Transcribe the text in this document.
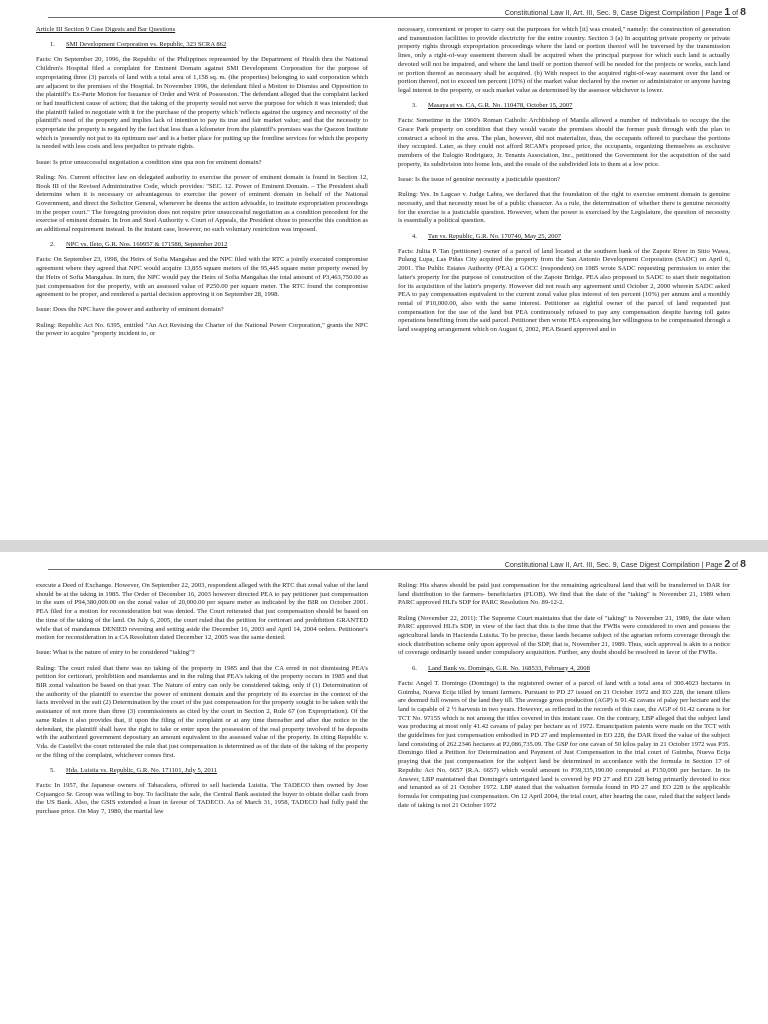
Constitutional Law II, Art. III, Sec. 9, Case Digest Compilation | Page 1 of 8

Article III Section 9 Case Digests and Bar Questions

1. SMI Development Corporation vs. Republic, 323 SCRA 862

Facts: On September 20, 1996, the Republic of the Philippines represented by the Department of Health thru the National Children's Hospital filed a complaint for Eminent Domain against SMI Development Corporation for the purpose of expropriating three (3) parcels of land with a total area of 1,158 sq. m. (the properties) belonging to said corporation which are adjacent to the premises of the Hospital. In November 1996, the defendant filed a Motion to Dismiss and Opposition to the plaintiff's Ex-Parte Motion for Issuance of Order and Writ of Possession. The defendant alleged that the complaint lacked or had insufficient cause of action; that the taking of the property would not serve the purpose for which it was intended; that the plaintiff failed to negotiate with it for the purchase of the property which 'reflects against the urgency and necessity' of the plaintiff's need of the property and implies lack of intention to pay its true and fair market value; and that the necessity to expropriate the property is negated by the fact that less than a kilometer from the plaintiff's premises was the Quezon Institute which is 'presently not put to its optimum use' and is a better place for putting up the frontline services for which the property is needed with less costs and less prejudice to private rights.

Issue: Is prior unsuccessful negotiation a condition sine qua non for eminent domain?

Ruling: No. Current effective law on delegated authority to exercise the power of eminent domain is found in Section 12, Book III of the Revised Administrative Code, which provides: "SEC. 12. Power of Eminent Domain. – The President shall determine when it is necessary or advantageous to exercise the power of eminent domain in behalf of the National Government, and direct the Solicitor General, whenever he deems the action advisable, to institute expropriation proceedings in the proper court." The foregoing provision does not require prior unsuccessful negotiation as a condition precedent for the exercise of eminent domain. In Iron and Steel Authority v. Court of Appeals, the President chose to prescribe this condition as an additional requirement instead. In the instant case, however, no such voluntary restriction was imposed.

2. NPC vs. Ileto, G.R. Nos. 169957 & 171588, September 2012

Facts: On September 23, 1998, the Heirs of Sofia Mangahas and the NPC filed with the RTC a jointly executed compromise agreement where they agreed that NPC would acquire 13,855 square meters of the 95,445 square meter property owned by the Heirs of Sofia Mangahas. In turn, the NPC would pay the Heirs of Sofia Mangahas the total amount of P3,463,750.00 as just compensation for the property, with an assessed value of P250.00 per square meter. The RTC found the compromise agreement to be proper, and rendered a partial decision approving it on September 28, 1998.

Issue: Does the NPC have the power and authority of eminent domain?

Ruling: Republic Act No. 6395, entitled "An Act Revising the Charter of the National Power Corporation," grants the NPC the power to acquire "property incident to, or

necessary, convenient or proper to carry out the purposes for which [it] was created," namely: the construction of generation and transmission facilities to provide electricity for the entire country. Section 3 (a) In acquiring private property or private property rights through expropriation proceedings where the land or portion thereof will be traversed by the transmission lines, only a right-of-way easement thereon shall be acquired when the principal purpose for which such land is actually devoted will not be impaired, and where the land itself or portion thereof will be needed for the projects or works, such land or portion thereof as necessary shall be acquired. (b) With respect to the acquired right-of-way easement over the land or portion thereof, not to exceed ten percent (10%) of the market value declared by the owner or administrator or anyone having legal interest in the property, or such market value as determined by the assessor whichever is lower.

3. Masaya et vs. CA, G.R. No. 110478, October 15, 2007

Facts: Sometime in the 1960's Roman Catholic Archbishop of Manila allowed a number of individuals to occupy the the Grace Park property on condition that they would vacate the premises should the former push through with the plan to construct a school in the area. The plan, however, did not materialize, thus, the occupants offered to purchase the portions they occupied. Later, as they could not afford RCAM's proposed price, the occupants, organizing themselves as exclusive members of the Eulogio Rodriguez, Jr. Tenants Association, Inc., petitioned the Government for the acquisition of the said property, its subdivision into home lots, and the resale of the subdivided lots to them at a low price.

Issue: Is the issue of genuine necessity a justiciable question?

Ruling: Yes. In Lagcao v. Judge Labra, we declared that the foundation of the right to exercise eminent domain is genuine necessity, and that necessity must be of a public character. As a rule, the determination of whether there is genuine necessity for the exercise is a justiciable question. However, when the power is exercised by the Legislature, the question of necessity is essentially a political question.

4. Tan vs. Republic, G.R. No. 170740, May 25, 2007

Facts: Julita P. Tan (petitioner) owner of a parcel of land located at the southern bank of the Zapote River in Sitio Wawa, Pulang Lupa, Las Piñas City acquired the property from the San Antonio Development Corporation (SADC) on April 6, 2001. The Public Estates Authority (PEA) a GOCC (respondent) on 1985 wrote SADC requesting permission to enter the latter's property for the purpose of construction of the Zapote Bridge. PEA also proposed to SADC to start their negotiation for its acquisition of the latter's property. However did not reach any agreement until October 2, 2000 wherein SADC asked PEA to pay compensation equivalent to the current zonal value plus interest of ten percent (10%) per annum and a monthly rental of P10,000.00, also with the same interest. Petitioner as rightful owner of the parcel of land requested just compensation for the use of the land but PEA continuously refused to pay any compensation despite having toll gates operations benefiting from the said parcel. Petitioner then wrote PEA expressing her willingness to be compensated through a land swapping arrangement which on August 6, 2002, PEA Board approved and to

Constitutional Law II, Art. III, Sec. 9, Case Digest Compilation | Page 2 of 8

execute a Deed of Exchange. However, On September 22, 2003, respondent alleged with the RTC that zonal value of the land should be at the taking in 1985. The Order of December 16, 2003 however directed PEA to pay petitioner just compensation in the sum of P94,380,000.00 on the zonal value of 20,000.00 per square meter as indicated by the BIR on October 2001. PEA filed for a motion for reconsideration but was denied. The Court reiterated that just compensation should be based on the time of the taking of the land. On July 6, 2005, the court ruled that the petition for certiorari and prohibition GRANTED while that of mandamus DENIED reversing and setting aside the December 16, 2003 and April 14, 2004 orders. Petitioner's motion for reconsideration in a CA Resolution dated December 12, 2005 was the same denied.

Issue: What is the nature of entry to be considered "taking"?

Ruling: The court ruled that there was no taking of the property in 1985 and that the CA erred in not dismissing PEA's petition for certiorari, prohibition and mandamus and in the ruling that PEA's taking of the property occurs in 1985 and that BIR zonal valuation be based on that year. The Nature of entry can only be considered taking, only if (1) Determination of the authority of the plaintiff to exercise the power of eminent domain and the propriety of its exercise in the context of the facts involved in the suit (2) Determination by the court of the just compensation for the property sought to be taken with the assistance of not more than three (3) commissioners as cited by the court in Section 2, Rule 67 (on Expropriation). Of the same Rules it also provides that, if upon the filing of the complaint or at any time thereafter and after due notice to the defendant, the plaintiff shall have the right to take or enter upon the possession of the real property involved if he deposits with the authorized government depositary an amount equivalent to the assessed value of the property. In citing Republic v. Vda. de Castellvi the court reiterated the rule that just compensation is determined as of the date of the taking of the property or the filing of the complaint, whichever comes first.

5. Hda. Luisita vs. Republic, G.R. No. 171101, July 5, 2011

Facts: In 1957, the Japanese owners of Tabacalera, offered to sell hacienda Luisita. The TADECO then owned by Jose Cojuangco Sr. Group was willing to buy. To facilitate the sale, the Central Bank assisted the buyer to obtain dollar cash from the US Bank. Also, the GSIS extended a loan in favour of TADECO. As of March 31, 1958, TADECO had fully paid the purchase price. On May 7, 1980, the martial law

Ruling: His shares should be paid just compensation for the remaining agricultural land that will be transferred to DAR for land distribution to the farmers- beneficiaries (FLOB). We find that the date of the "taking" is November 21, 1989 when PARC approved HLI's SDP for PARC Resolution No. 89-12-2.

Ruling (November 22, 2011): The Supreme Court maintains that the date of "taking" is November 21, 1989, the date when PARC approved HLI's SDP, in view of the fact that this is the time that the FWBs were considered to own and possess the agricultural lands in Hacienda Luisita. To be precise, these lands became subject of the agrarian reform coverage through the stock distribution scheme only upon approval of the SDP, that is, November 21, 1989. Thus, such approval is akin to a notice of coverage ordinarily issued under compulsory acquisition. Further, any doubt should be resolved in favor of the FWBs.

6. Land Bank vs. Domingo, G.R. No. 168533, February 4, 2008

Facts: Angel T. Domingo (Domingo) is the registered owner of a parcel of land with a total area of 300.4023 hectares in Guimba, Nueva Ecija tilled by tenant farmers. Pursuant to PD 27 issued on 21 October 1972 and EO 228, the tenant tillers are deemed full owners of the land they till. The average gross production (AGP) is 91.42 cavans of palay per hectare and the land is capable of 2 ½ harvests in two years. However, as reflected in the records of this case, the AGP of 91.42 cavans is for TCT No. 97155 which is not among the titles covered in this instant case. On the contrary, LBP alleged that the subject land was producing at most only 41.42 cavans of palay per hectare as of 1972. Emancipation patents were made on the TCT with the guidelines for just compensation embodied in PD 27 and implemented in EO 228, the DAR fixed the value of the subject land consisting of 262.2346 hectares at P2,086,735.09. The GSP for one cavan of 50 kilos palay in 21 October 1972 was P35. Domingo filed a Petition for Determination and Payment of Just Compensation in the trial court of Guimba, Nueva Ecija praying that the just compensation for the subject land be determined in accordance with the formula in Section 17 of Republic Act No. 6657 (R.A. 6657) which would amount to P39,335,190.00 computed at P150,000 per hectare. In its Answer, LBP maintained that Domingo's unirrigated land is covered by PD 27 and EO 228 being primarily devoted to rice and tenanted as of 21 October 1972. LBP stated that the valuation formula found in PD 27 and EO 228 is the applicable formula for computing just compensation. On 12 April 2004, the trial court, after hearing the case, ruled that the subject lands date of taking is not 21 October 1972
